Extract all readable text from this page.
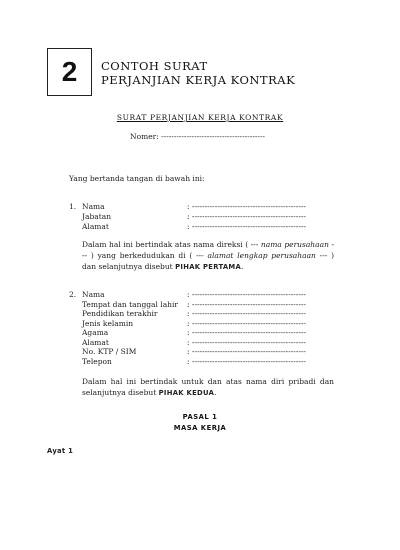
2 CONTOH SURAT
PERJANJIAN KERJA KONTRAK
SURAT PERJANJIAN KERJA KONTRAK
Nomer: -----------------------------------------
Yang bertanda tangan di bawah ini:
1. Nama	: ---------------------------------------------
Jabatan	: ---------------------------------------------
Alamat	: ---------------------------------------------
Dalam hal ini bertindak atas nama direksi ( --- nama perusahaan --- ) yang berkedudukan di ( --- alamat lengkap perusahaan --- ) dan selanjutnya disebut PIHAK PERTAMA.
2. Nama	: ---------------------------------------------
Tempat dan tanggal lahir : ---------------------------------------------
Pendidikan terakhir	: ---------------------------------------------
Jenis kelamin	: ---------------------------------------------
Agama	: ---------------------------------------------
Alamat	: ---------------------------------------------
No. KTP / SIM	: ---------------------------------------------
Telepon	: ---------------------------------------------
Dalam hal ini bertindak untuk dan atas nama diri pribadi dan selanjutnya disebut PIHAK KEDUA.
PASAL 1
MASA KERJA
Ayat 1
